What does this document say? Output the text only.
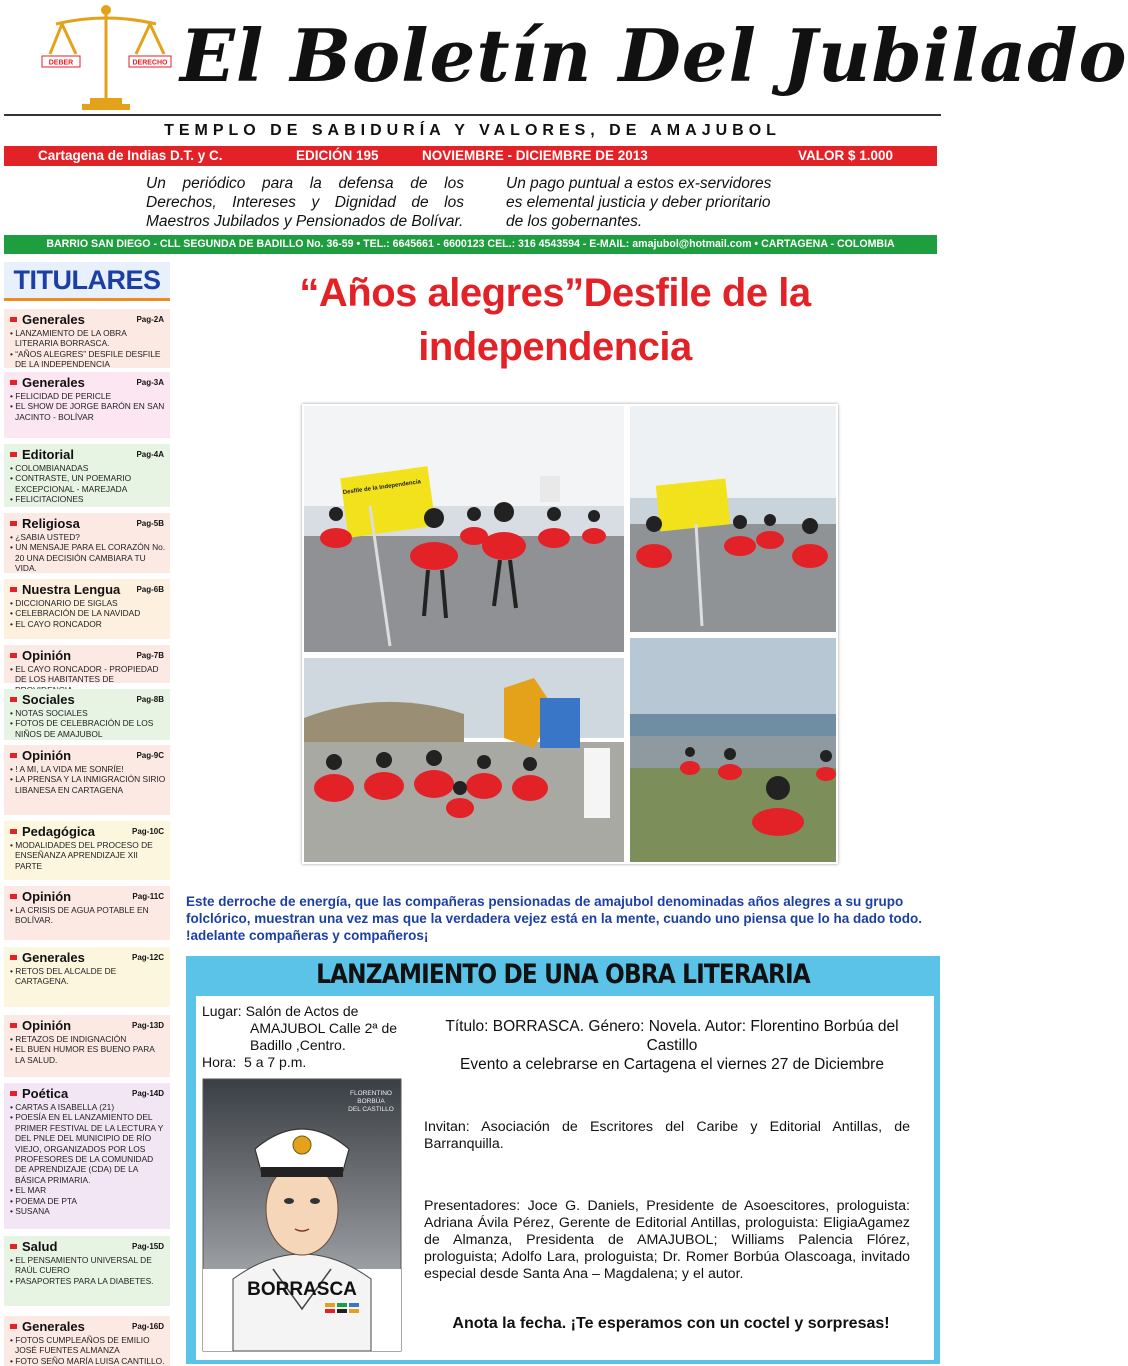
DEBER	DERECHO El Boletín Del Jubilado
TEMPLO DE SABIDURÍA Y VALORES, DE AMAJUBOL
Cartagena de Indias D.T. y C.	EDICIÓN 195	NOVIEMBRE - DICIEMBRE DE 2013	VALOR $ 1.000
Un periódico para la defensa de los Derechos, Intereses y Dignidad de los Maestros Jubilados y Pensionados de Bolívar.
Un pago puntual a estos ex-servidores es elemental justicia y deber prioritario de los gobernantes.
BARRIO SAN DIEGO - CLL SEGUNDA DE BADILLO No. 36-59 • TEL.: 6645661 - 6600123 CEL.: 316 4543594 - E-MAIL: amajubol@hotmail.com • CARTAGENA - COLOMBIA
TITULARES
Generales	Pag-2A
• LANZAMIENTO DE LA OBRA LITERARIA BORRASCA.
• “AÑOS ALEGRES” DESFILE DESFILE DE LA INDEPENDENCIA
Generales	Pag-3A
• FELICIDAD DE PERICLE
• EL SHOW DE JORGE BARÓN EN SAN JACINTO - BOLÍVAR
Editorial	Pag-4A
• COLOMBIANADAS
• CONTRASTE, UN POEMARIO EXCEPCIONAL - MAREJADA
• FELICITACIONES
Religiosa	Pag-5B
• ¿SABIA USTED?
• UN MENSAJE PARA EL CORAZÓN No. 20 UNA DECISIÓN CAMBIARA TU VIDA.
Nuestra Lengua Pag-6B
• DICCIONARIO DE SIGLAS
• CELEBRACIÓN DE LA NAVIDAD
• EL CAYO RONCADOR
Opinión	Pag-7B
• EL CAYO RONCADOR - PROPIEDAD DE LOS HABITANTES DE
Sociales	Pag-8B
• NOTAS SOCIALES
• FOTOS DE CELEBRACIÓN DE LOS NIÑOS DE AMAJUBOL
Opinión	Pag-9C
• ! A MI, LA VIDA ME SONRÍE!
• LA PRENSA Y LA INMIGRACIÓN SIRIO LIBANESA EN CARTAGENA
Pedagógica	Pag-10C
• MODALIDADES DEL PROCESO DE ENSEÑANZA APRENDIZAJE XII PARTE
Opinión	Pag-11C
• LA CRISIS DE AGUA POTABLE EN BOLÍVAR.
Generales	Pag-12C
• RETOS DEL ALCALDE DE CARTAGENA.
Opinión	Pag-13D
• RETAZOS DE INDIGNACIÓN
• EL BUEN HUMOR ES BUENO PARA LA SALUD.
Poética	Pag-14D
• CARTAS A ISABELLA (21)
• POESÍA EN EL LANZAMIENTO DEL PRIMER FESTIVAL DE LA LECTURA Y DEL PNLE DEL MUNICIPIO DE RÍO VIEJO, ORGANIZADOS POR LOS PROFESORES DE LA COMUNIDAD DE APRENDIZAJE (CDA) DE LA BÁSICA PRIMARIA.
• EL MAR
• POEMA DE PTA
• SUSANA
Salud	Pag-15D
• EL PENSAMIENTO UNIVERSAL DE RAÚL CUERO
• PASAPORTES PARA LA DIABETES.
Generales	Pag-16D
• FOTOS CUMPLEAÑOS DE EMILIO JOSÉ FUENTES ALMANZA
• FOTO SEÑO MARÍA LUISA CANTILLO.
“Años alegres”Desfile de la
independencia
Desfile de la Independencia
Este derroche de energía, que las compañeras pensionadas de amajubol denominadas años alegres a su grupo folclórico, muestran una vez mas que la verdadera vejez está en la mente, cuando uno piensa que lo ha dado todo. !adelante compañeras y compañeros¡
LANZAMIENTO DE UNA OBRA LITERARIA
Lugar: Salón de Actos de
AMAJUBOL Calle 2ª de Badillo ,Centro.
Hora: 5 a 7 p.m.
FLORENTINO
BORBÚA
DEL CASTILLO
BORRASCA
Título: BORRASCA. Género: Novela. Autor: Florentino Borbúa del Castillo
Evento a celebrarse en Cartagena el viernes 27 de Diciembre
Invitan: Asociación de Escritores del Caribe y Editorial Antillas, de Barranquilla.
Presentadores: Joce G. Daniels, Presidente de Asoescitores, prologuista: Adriana Ávila Pérez, Gerente de Editorial Antillas, prologuista: EligiaAgamez de Almanza, Presidenta de AMAJUBOL; Williams Palencia Flórez, prologuista; Adolfo Lara, prologuista; Dr. Romer Borbúa Olascoaga, invitado especial desde Santa Ana – Magdalena; y el autor.
Anota la fecha. ¡Te esperamos con un coctel y sorpresas!
